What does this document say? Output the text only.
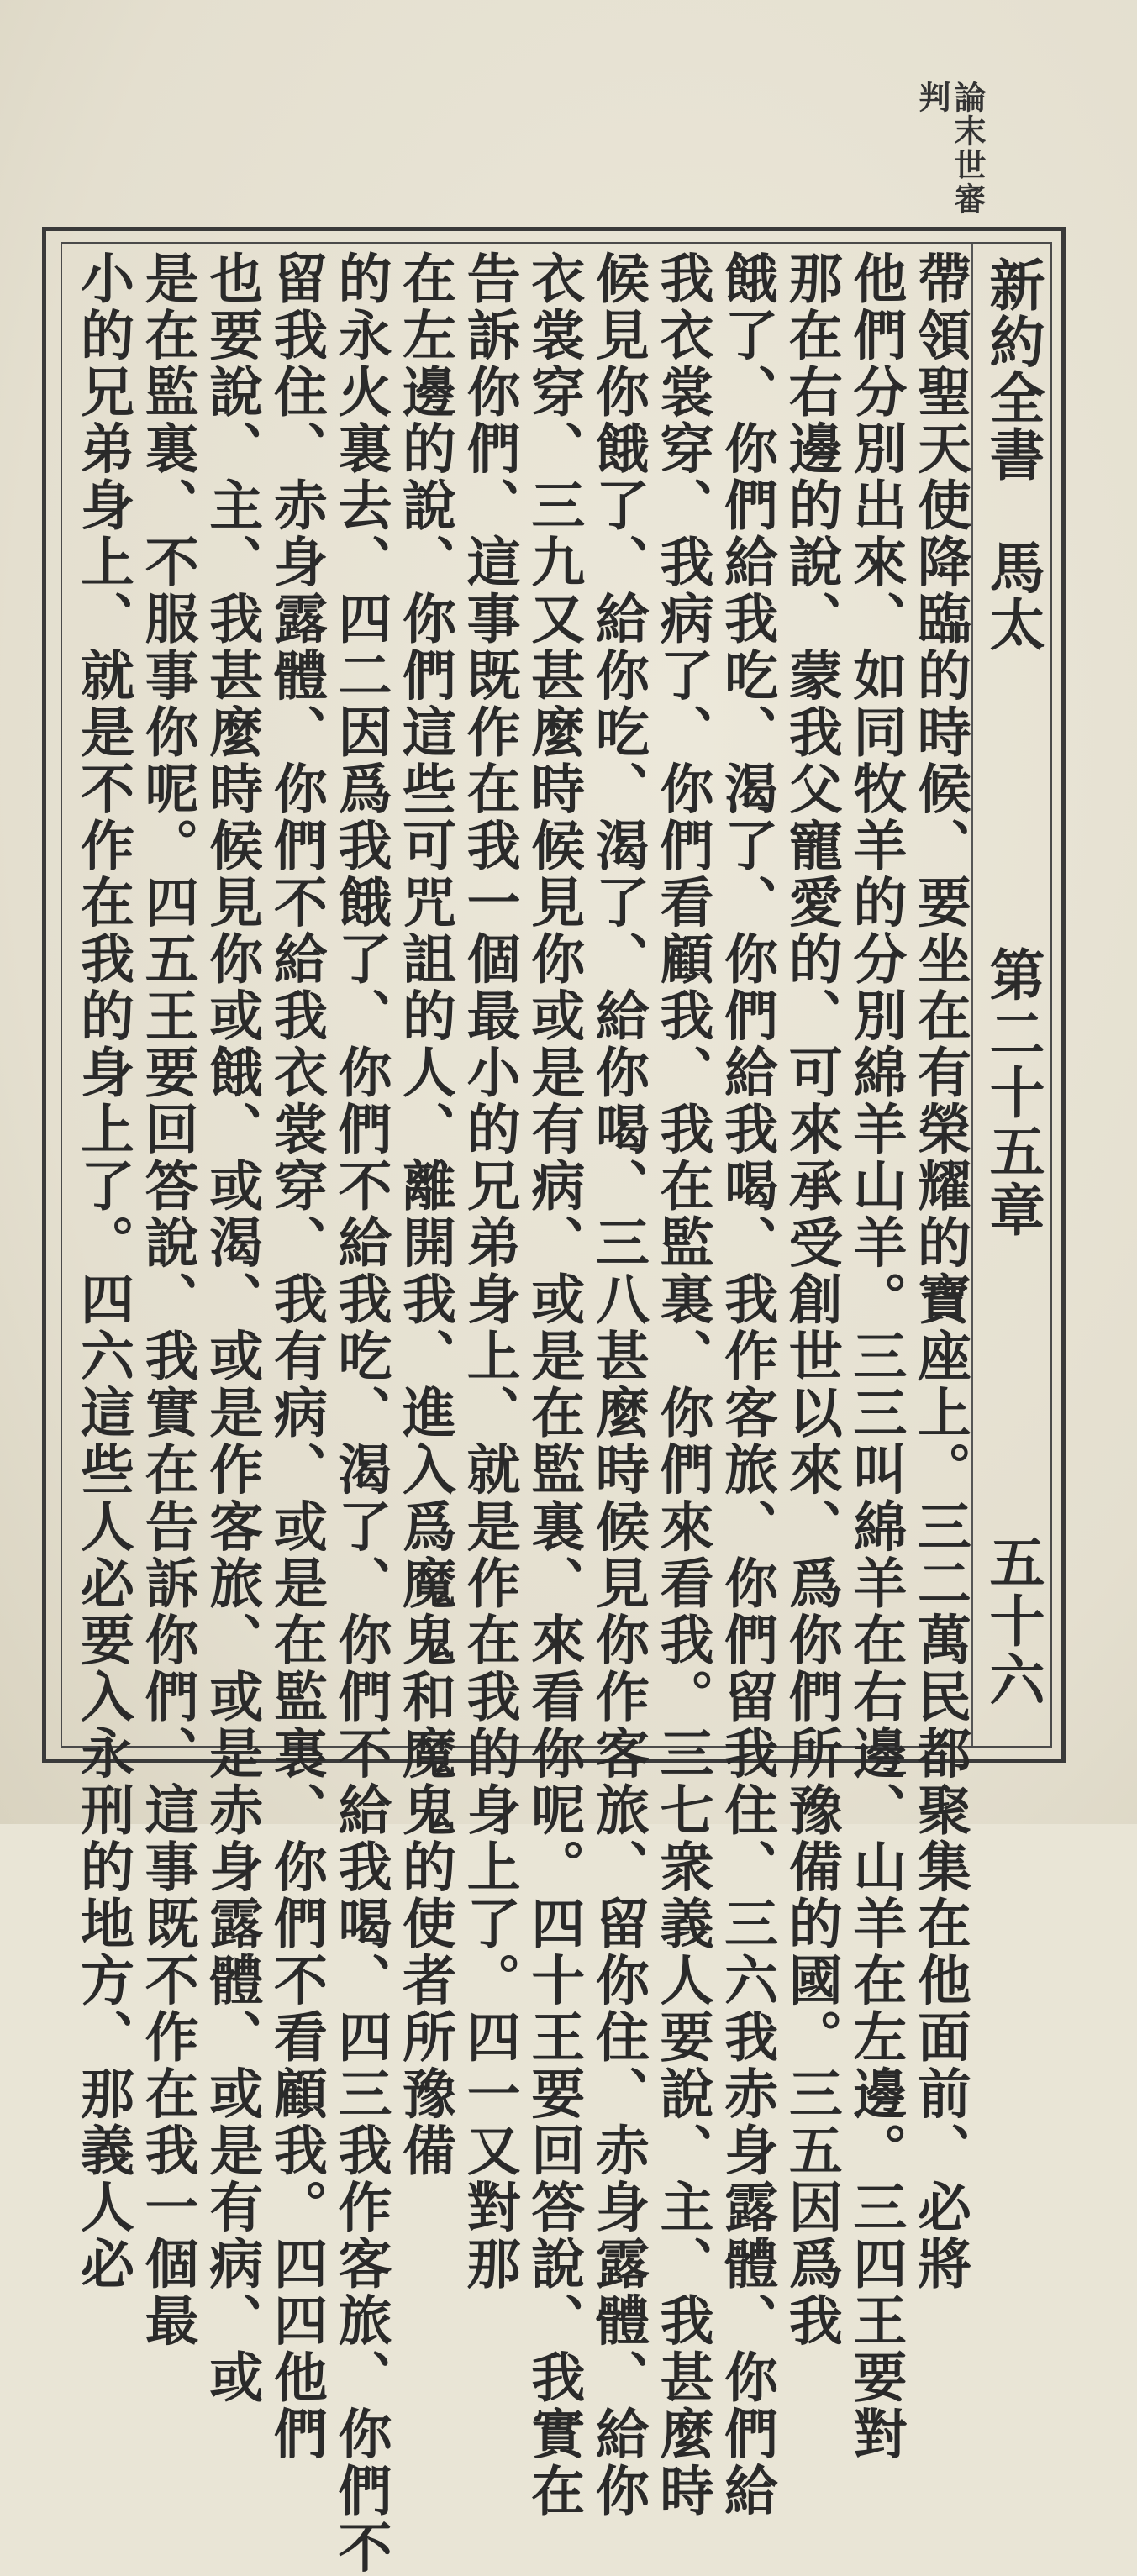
論末世審
判
新約全書　馬太
第二十五章
五十六
帶領聖天使降臨的時候、要坐在有榮耀的寶座上。三二萬民都聚集在他面前、必將
他們分別出來、如同牧羊的分別綿羊山羊。三三叫綿羊在右邊、山羊在左邊。三四王要對
那在右邊的說、蒙我父寵愛的、可來承受創世以來、爲你們所豫備的國。三五因爲我
餓了、你們給我吃、渴了、你們給我喝、我作客旅、你們留我住、三六我赤身露體、你們給
我衣裳穿、我病了、你們看顧我、我在監裏、你們來看我。三七衆義人要說、主、我甚麼時
候見你餓了、給你吃、渴了、給你喝、三八甚麼時候見你作客旅、留你住、赤身露體、給你
衣裳穿、三九又甚麼時候見你或是有病、或是在監裏、來看你呢。四十王要回答說、我實在
告訴你們、這事既作在我一個最小的兄弟身上、就是作在我的身上了。四一又對那
在左邊的說、你們這些可咒詛的人、離開我、進入爲魔鬼和魔鬼的使者所豫備
的永火裏去、四二因爲我餓了、你們不給我吃、渴了、你們不給我喝、四三我作客旅、你們不
留我住、赤身露體、你們不給我衣裳穿、我有病、或是在監裏、你們不看顧我。四四他們
也要說、主、我甚麼時候見你或餓、或渴、或是作客旅、或是赤身露體、或是有病、或
是在監裏、不服事你呢。四五王要回答說、我實在告訴你們、這事既不作在我一個最
小的兄弟身上、就是不作在我的身上了。四六這些人必要入永刑的地方、那義人必
